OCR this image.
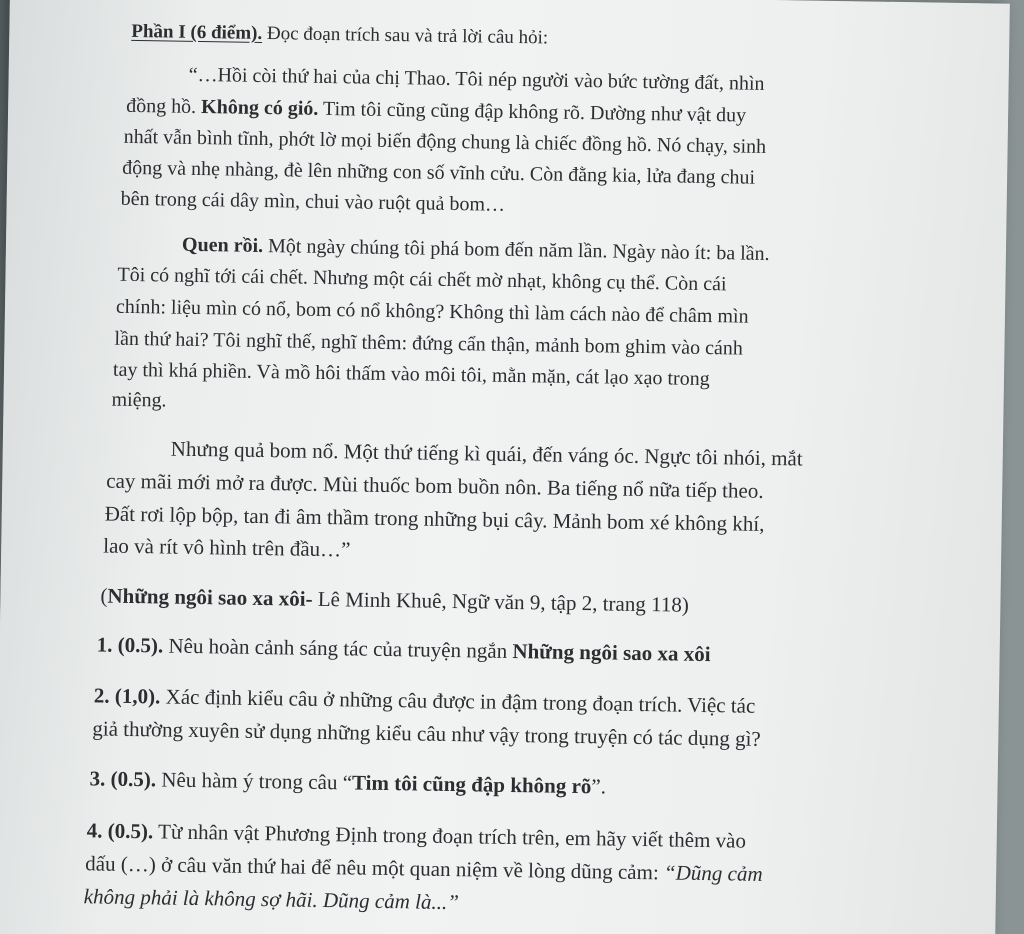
Phần I (6 điểm). Đọc đoạn trích sau và trả lời câu hỏi:
“…Hồi còi thứ hai của chị Thao. Tôi nép người vào bức tường đất, nhìn
đồng hồ. Không có gió. Tim tôi cũng cũng đập không rõ. Dường như vật duy
nhất vẫn bình tĩnh, phớt lờ mọi biến động chung là chiếc đồng hồ. Nó chạy, sinh
động và nhẹ nhàng, đè lên những con số vĩnh cửu. Còn đằng kia, lửa đang chui
bên trong cái dây mìn, chui vào ruột quả bom…
Quen rồi. Một ngày chúng tôi phá bom đến năm lần. Ngày nào ít: ba lần.
Tôi có nghĩ tới cái chết. Nhưng một cái chết mờ nhạt, không cụ thể. Còn cái
chính: liệu mìn có nổ, bom có nổ không? Không thì làm cách nào để châm mìn
lần thứ hai? Tôi nghĩ thế, nghĩ thêm: đứng cẩn thận, mảnh bom ghim vào cánh
tay thì khá phiền. Và mồ hôi thấm vào môi tôi, mằn mặn, cát lạo xạo trong
miệng.
Nhưng quả bom nổ. Một thứ tiếng kì quái, đến váng óc. Ngực tôi nhói, mắt
cay mãi mới mở ra được. Mùi thuốc bom buồn nôn. Ba tiếng nổ nữa tiếp theo.
Đất rơi lộp bộp, tan đi âm thầm trong những bụi cây. Mảnh bom xé không khí,
lao và rít vô hình trên đầu…”
(Những ngôi sao xa xôi- Lê Minh Khuê, Ngữ văn 9, tập 2, trang 118)
1. (0.5). Nêu hoàn cảnh sáng tác của truyện ngắn Những ngôi sao xa xôi
2. (1,0). Xác định kiểu câu ở những câu được in đậm trong đoạn trích. Việc tác
giả thường xuyên sử dụng những kiểu câu như vậy trong truyện có tác dụng gì?
3. (0.5). Nêu hàm ý trong câu “Tim tôi cũng đập không rõ”.
4. (0.5). Từ nhân vật Phương Định trong đoạn trích trên, em hãy viết thêm vào
dấu (…) ở câu văn thứ hai để nêu một quan niệm về lòng dũng cảm: “Dũng cảm
không phải là không sợ hãi. Dũng cảm là...”
